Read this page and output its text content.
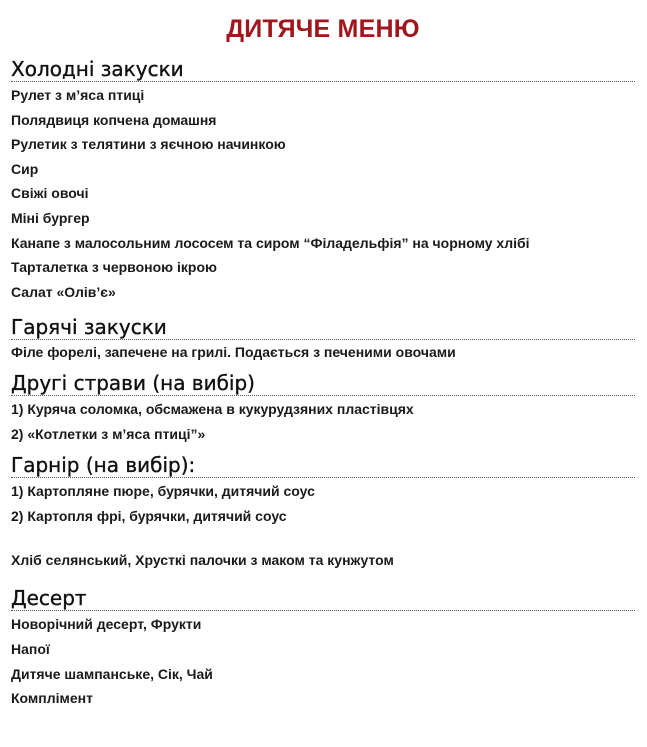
ДИТЯЧЕ МЕНЮ
Холодні закуски
Рулет з м’яса птиці
Полядвиця копчена домашня
Рулетик з телятини з яєчною начинкою
Сир
Свіжі овочі
Міні бургер
Канапе з малосольним лососем та сиром “Філадельфія” на чорному хлібі
Тарталетка з червоною ікрою
Салат «Олів’є»
Гарячі закуски
Філе форелі, запечене на грилі. Подається з печеними овочами
Другі страви (на вибір)
1) Куряча соломка, обсмажена в кукурудзяних пластівцях
2) «Котлетки з м’яса птиці”»
Гарнір (на вибір):
1) Картопляне пюре, бурячки, дитячий соус
2) Картопля фрі, бурячки, дитячий соус
Хліб селянський, Хрусткі палочки з маком та кунжутом
Десерт
Новорічний десерт, Фрукти
Напої
Дитяче шампанське, Сік, Чай
Комплімент
